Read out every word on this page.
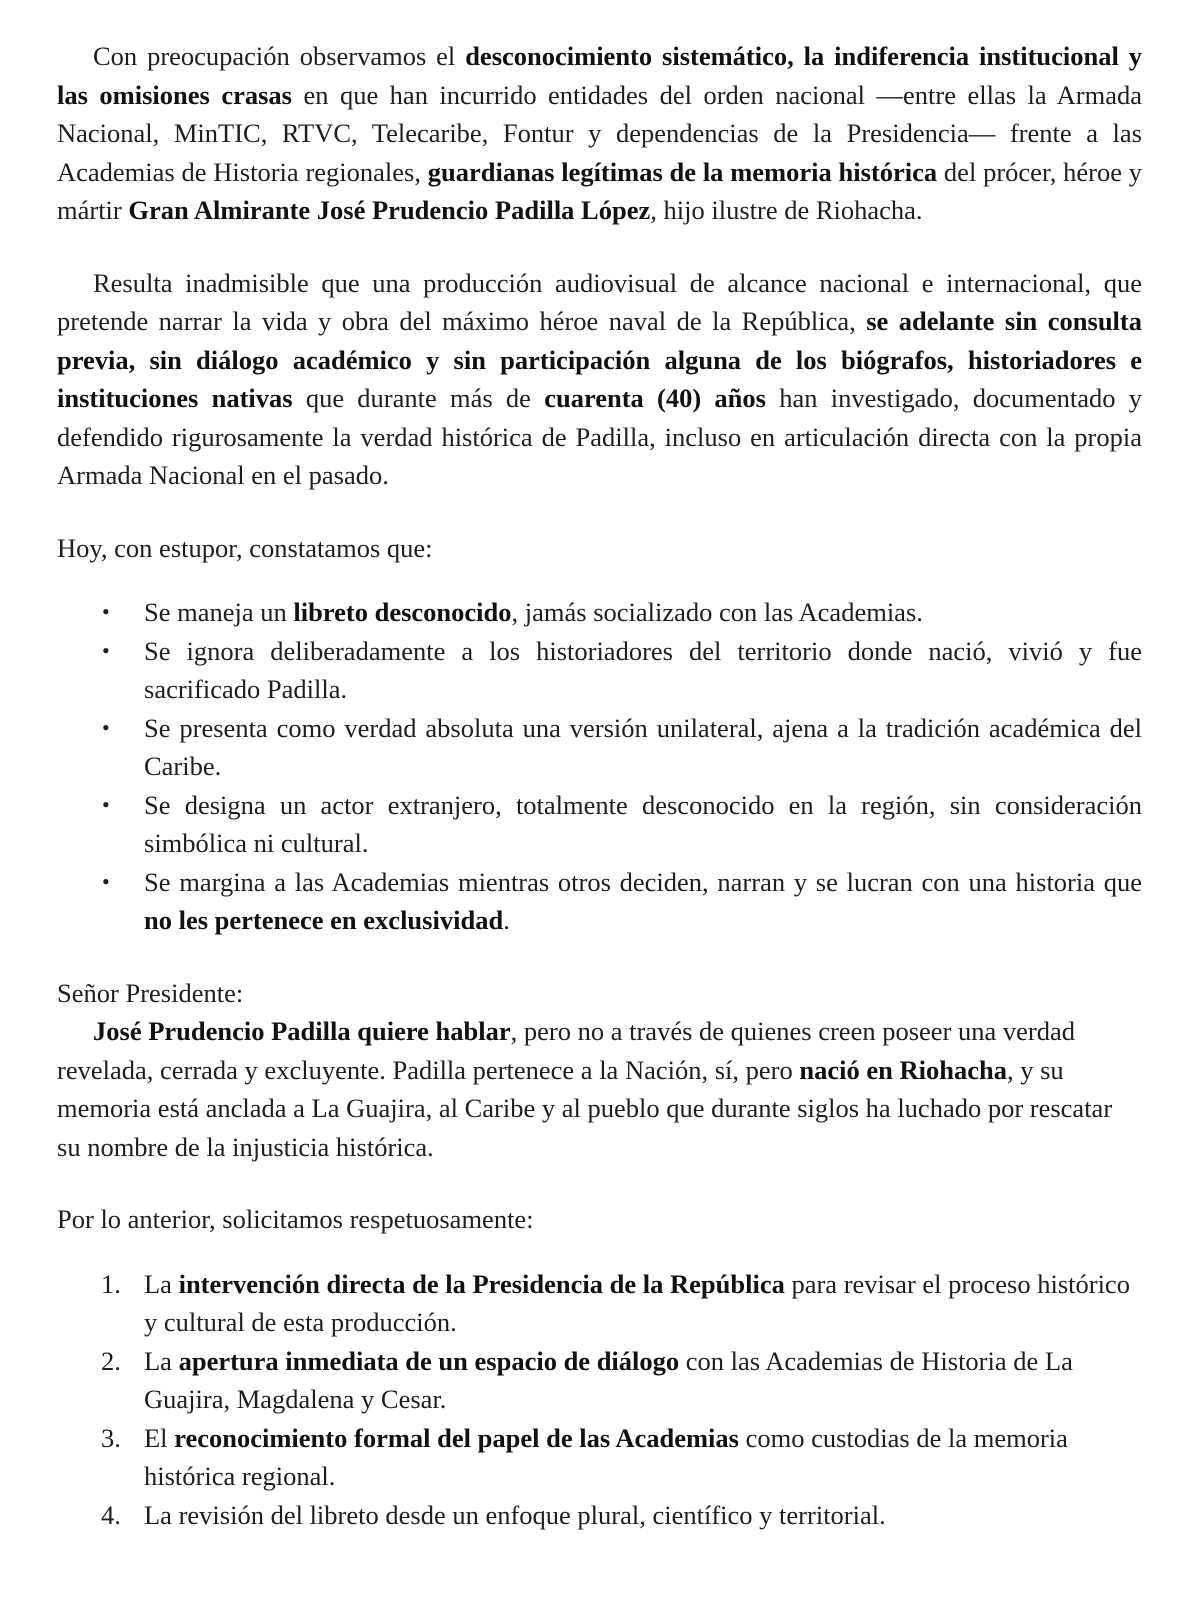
Con preocupación observamos el desconocimiento sistemático, la indiferencia institucional y las omisiones crasas en que han incurrido entidades del orden nacional —entre ellas la Armada Nacional, MinTIC, RTVC, Telecaribe, Fontur y dependencias de la Presidencia— frente a las Academias de Historia regionales, guardianas legítimas de la memoria histórica del prócer, héroe y mártir Gran Almirante José Prudencio Padilla López, hijo ilustre de Riohacha.

Resulta inadmisible que una producción audiovisual de alcance nacional e internacional, que pretende narrar la vida y obra del máximo héroe naval de la República, se adelante sin consulta previa, sin diálogo académico y sin participación alguna de los biógrafos, historiadores e instituciones nativas que durante más de cuarenta (40) años han investigado, documentado y defendido rigurosamente la verdad histórica de Padilla, incluso en articulación directa con la propia Armada Nacional en el pasado.

Hoy, con estupor, constatamos que:

• Se maneja un libreto desconocido, jamás socializado con las Academias.
• Se ignora deliberadamente a los historiadores del territorio donde nació, vivió y fue sacrificado Padilla.
• Se presenta como verdad absoluta una versión unilateral, ajena a la tradición académica del Caribe.
• Se designa un actor extranjero, totalmente desconocido en la región, sin consideración simbólica ni cultural.
• Se margina a las Academias mientras otros deciden, narran y se lucran con una historia que no les pertenece en exclusividad.

Señor Presidente:

José Prudencio Padilla quiere hablar, pero no a través de quienes creen poseer una verdad revelada, cerrada y excluyente. Padilla pertenece a la Nación, sí, pero nació en Riohacha, y su memoria está anclada a La Guajira, al Caribe y al pueblo que durante siglos ha luchado por rescatar su nombre de la injusticia histórica.

Por lo anterior, solicitamos respetuosamente:

1. La intervención directa de la Presidencia de la República para revisar el proceso histórico y cultural de esta producción.
2. La apertura inmediata de un espacio de diálogo con las Academias de Historia de La Guajira, Magdalena y Cesar.
3. El reconocimiento formal del papel de las Academias como custodias de la memoria histórica regional.
4. La revisión del libreto desde un enfoque plural, científico y territorial.
